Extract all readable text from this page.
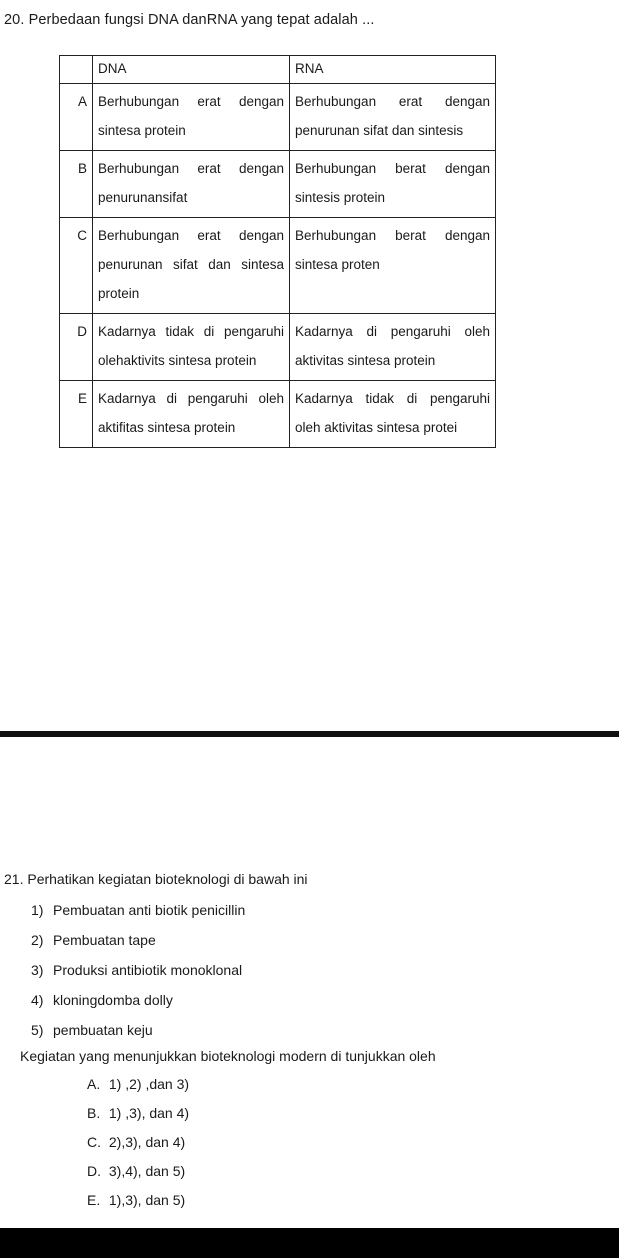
20. Perbedaan fungsi DNA danRNA yang tepat adalah ...
	DNA	RNA
A	Berhubungan erat dengan sintesa protein	Berhubungan erat dengan penurunan sifat dan sintesis
B	Berhubungan erat dengan penurunansifat	Berhubungan berat dengan sintesis protein
C	Berhubungan erat dengan penurunan sifat dan sintesa protein	Berhubungan berat dengan sintesa proten
D	Kadarnya tidak di pengaruhi olehaktivits sintesa protein	Kadarnya di pengaruhi oleh aktivitas sintesa protein
E	Kadarnya di pengaruhi oleh aktifitas sintesa protein	Kadarnya tidak di pengaruhi oleh aktivitas sintesa protei
21. Perhatikan kegiatan bioteknologi di bawah ini
1) Pembuatan anti biotik penicillin
2) Pembuatan tape
3) Produksi antibiotik monoklonal
4) kloningdomba dolly
5) pembuatan keju
Kegiatan yang menunjukkan bioteknologi modern di tunjukkan oleh
A. 1) ,2) ,dan 3)
B. 1) ,3), dan 4)
C. 2),3), dan 4)
D. 3),4), dan 5)
E. 1),3), dan 5)
